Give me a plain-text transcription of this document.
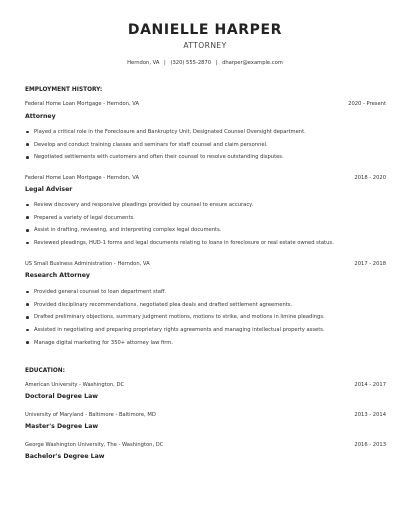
DANIELLE HARPER
ATTORNEY
Herndon, VA | (320) 555-2870 | dharper@example.com
EMPLOYMENT HISTORY:
Federal Home Loan Mortgage - Herndon, VA	2020 - Present
Attorney
Played a critical role in the Foreclosure and Bankruptcy Unit, Designated Counsel Oversight department.
Develop and conduct training classes and seminars for staff counsel and claim personnel.
Negotiated settlements with customers and often their counsel to resolve outstanding disputes.
Federal Home Loan Mortgage - Herndon, VA	2018 - 2020
Legal Adviser
Review discovery and responsive pleadings provided by counsel to ensure accuracy.
Prepared a variety of legal documents.
Assist in drafting, reviewing, and interpreting complex legal documents.
Reviewed pleadings, HUD-1 forms and legal documents relating to loans in foreclosure or real estate owned status.
US Small Business Administration - Herndon, VA	2017 - 2018
Research Attorney
Provided general counsel to loan department staff.
Provided disciplinary recommendations, negotiated plea deals and drafted settlement agreements.
Drafted preliminary objections, summary judgment motions, motions to strike, and motions in limine pleadings.
Assisted in negotiating and preparing proprietary rights agreements and managing intellectual property assets.
Manage digital marketing for 350+ attorney law firm.
EDUCATION:
American University - Washington, DC	2014 - 2017
Doctoral Degree Law
University of Maryland - Baltimore - Baltimore, MD	2013 - 2014
Master's Degree Law
George Washington University, The - Washington, DC	2016 - 2013
Bachelor's Degree Law
